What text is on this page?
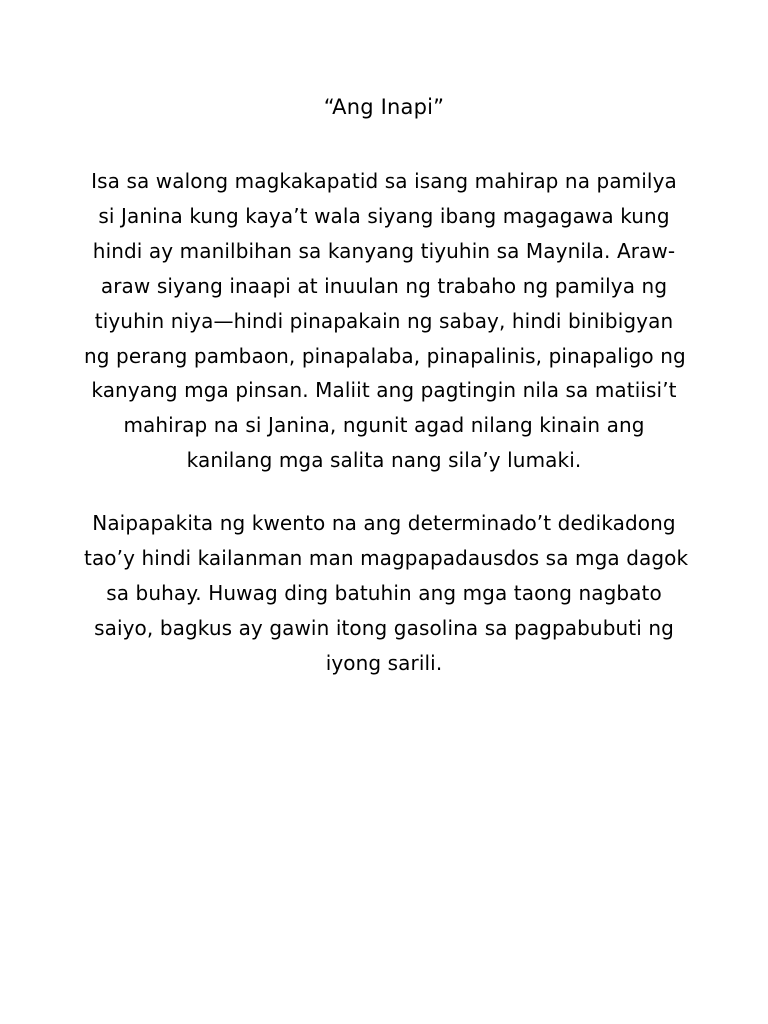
“Ang Inapi”
Isa sa walong magkakapatid sa isang mahirap na pamilya
si Janina kung kaya’t wala siyang ibang magagawa kung
hindi ay manilbihan sa kanyang tiyuhin sa Maynila. Araw-
araw siyang inaapi at inuulan ng trabaho ng pamilya ng
tiyuhin niya—hindi pinapakain ng sabay, hindi binibigyan
ng perang pambaon, pinapalaba, pinapalinis, pinapaligo ng
kanyang mga pinsan. Maliit ang pagtingin nila sa matiisi’t
mahirap na si Janina, ngunit agad nilang kinain ang
kanilang mga salita nang sila’y lumaki.
Naipapakita ng kwento na ang determinado’t dedikadong
tao’y hindi kailanman man magpapadausdos sa mga dagok
sa buhay. Huwag ding batuhin ang mga taong nagbato
saiyo, bagkus ay gawin itong gasolina sa pagpabubuti ng
iyong sarili.
